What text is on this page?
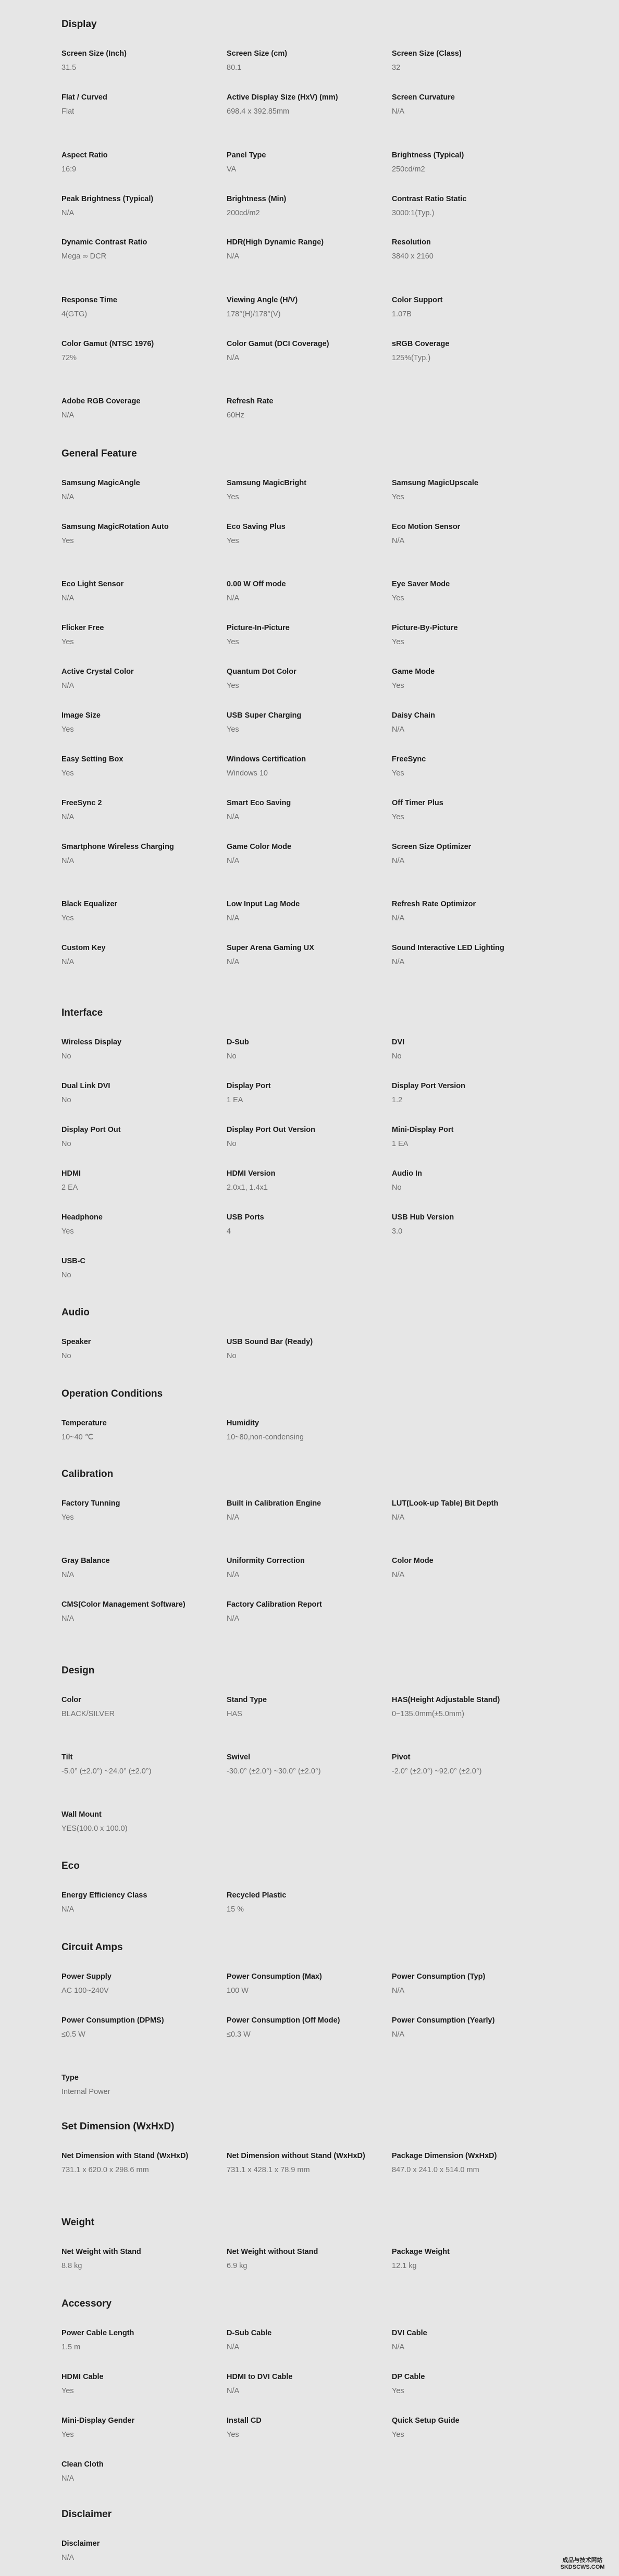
Display
Screen Size (Inch)
31.5
Screen Size (cm)
80.1
Screen Size (Class)
32
Flat / Curved
Flat
Active Display Size (HxV) (mm)
698.4 x 392.85mm
Screen Curvature
N/A
Aspect Ratio
16:9
Panel Type
VA
Brightness (Typical)
250cd/m2
Peak Brightness (Typical)
N/A
Brightness (Min)
200cd/m2
Contrast Ratio Static
3000:1(Typ.)
Dynamic Contrast Ratio
Mega ∞ DCR
HDR(High Dynamic Range)
N/A
Resolution
3840 x 2160
Response Time
4(GTG)
Viewing Angle (H/V)
178°(H)/178°(V)
Color Support
1.07B
Color Gamut (NTSC 1976)
72%
Color Gamut (DCI Coverage)
N/A
sRGB Coverage
125%(Typ.)
Adobe RGB Coverage
N/A
Refresh Rate
60Hz
General Feature
Samsung MagicAngle
N/A
Samsung MagicBright
Yes
Samsung MagicUpscale
Yes
Samsung MagicRotation Auto
Yes
Eco Saving Plus
Yes
Eco Motion Sensor
N/A
Eco Light Sensor
N/A
0.00 W Off mode
N/A
Eye Saver Mode
Yes
Flicker Free
Yes
Picture-In-Picture
Yes
Picture-By-Picture
Yes
Active Crystal Color
N/A
Quantum Dot Color
Yes
Game Mode
Yes
Image Size
Yes
USB Super Charging
Yes
Daisy Chain
N/A
Easy Setting Box
Yes
Windows Certification
Windows 10
FreeSync
Yes
FreeSync 2
N/A
Smart Eco Saving
N/A
Off Timer Plus
Yes
Smartphone Wireless Charging
N/A
Game Color Mode
N/A
Screen Size Optimizer
N/A
Black Equalizer
Yes
Low Input Lag Mode
N/A
Refresh Rate Optimizor
N/A
Custom Key
N/A
Super Arena Gaming UX
N/A
Sound Interactive LED Lighting
N/A
Interface
Wireless Display
No
D-Sub
No
DVI
No
Dual Link DVI
No
Display Port
1 EA
Display Port Version
1.2
Display Port Out
No
Display Port Out Version
No
Mini-Display Port
1 EA
HDMI
2 EA
HDMI Version
2.0x1, 1.4x1
Audio In
No
Headphone
Yes
USB Ports
4
USB Hub Version
3.0
USB-C
No
Audio
Speaker
No
USB Sound Bar (Ready)
No
Operation Conditions
Temperature
10~40 ℃
Humidity
10~80,non-condensing
Calibration
Factory Tunning
Yes
Built in Calibration Engine
N/A
LUT(Look-up Table) Bit Depth
N/A
Gray Balance
N/A
Uniformity Correction
N/A
Color Mode
N/A
CMS(Color Management Software)
N/A
Factory Calibration Report
N/A
Design
Color
BLACK/SILVER
Stand Type
HAS
HAS(Height Adjustable Stand)
0~135.0mm(±5.0mm)
Tilt
-5.0° (±2.0°) ~24.0° (±2.0°)
Swivel
-30.0° (±2.0°) ~30.0° (±2.0°)
Pivot
-2.0° (±2.0°) ~92.0° (±2.0°)
Wall Mount
YES(100.0 x 100.0)
Eco
Energy Efficiency Class
N/A
Recycled Plastic
15 %
Circuit Amps
Power Supply
AC 100~240V
Power Consumption (Max)
100 W
Power Consumption (Typ)
N/A
Power Consumption (DPMS)
≤0.5 W
Power Consumption (Off Mode)
≤0.3 W
Power Consumption (Yearly)
N/A
Type
Internal Power
Set Dimension (WxHxD)
Net Dimension with Stand (WxHxD)
731.1 x 620.0 x 298.6 mm
Net Dimension without Stand (WxHxD)
731.1 x 428.1 x 78.9 mm
Package Dimension (WxHxD)
847.0 x 241.0 x 514.0 mm
Weight
Net Weight with Stand
8.8 kg
Net Weight without Stand
6.9 kg
Package Weight
12.1 kg
Accessory
Power Cable Length
1.5 m
D-Sub Cable
N/A
DVI Cable
N/A
HDMI Cable
Yes
HDMI to DVI Cable
N/A
DP Cable
Yes
Mini-Display Gender
Yes
Install CD
Yes
Quick Setup Guide
Yes
Clean Cloth
N/A
Disclaimer
Disclaimer
N/A	成品与技术网站
SKDSCWS.COM
